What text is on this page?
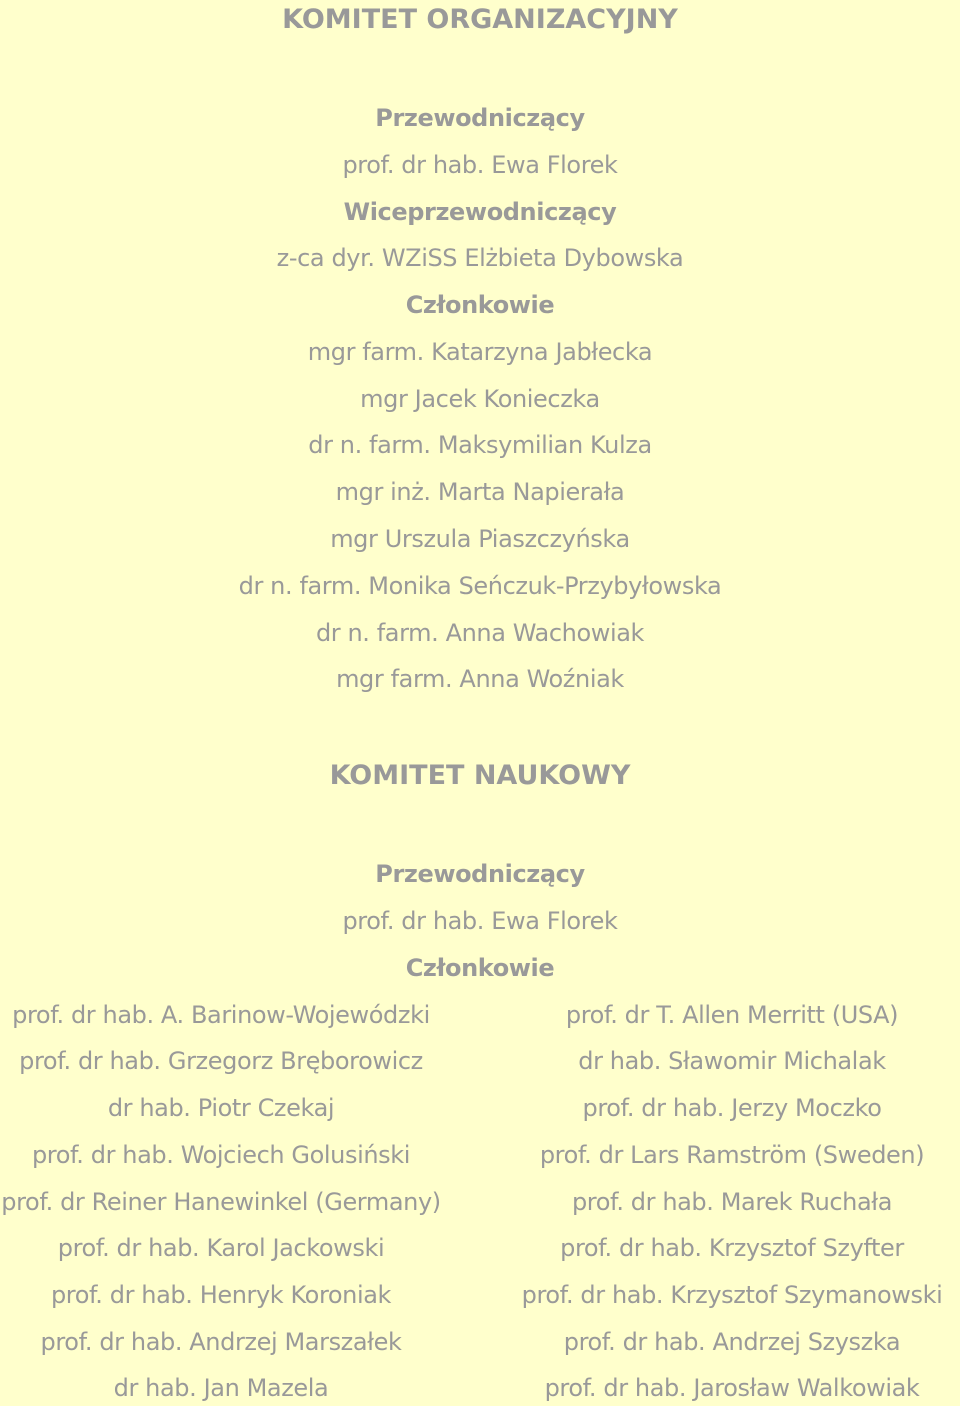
KOMITET ORGANIZACYJNY
Przewodniczący
prof. dr hab. Ewa Florek
Wiceprzewodniczący
z-ca dyr. WZiSS Elżbieta Dybowska
Członkowie
mgr farm. Katarzyna Jabłecka
mgr Jacek Konieczka
dr n. farm. Maksymilian Kulza
mgr inż. Marta Napierała
mgr Urszula Piaszczyńska
dr n. farm. Monika Seńczuk-Przybyłowska
dr n. farm. Anna Wachowiak
mgr farm. Anna Woźniak
KOMITET NAUKOWY
Przewodniczący
prof. dr hab. Ewa Florek
Członkowie
prof. dr hab. A. Barinow-Wojewódzki
prof. dr hab. Grzegorz Bręborowicz
dr hab. Piotr Czekaj
prof. dr hab. Wojciech Golusiński
prof. dr Reiner Hanewinkel (Germany)
prof. dr hab. Karol Jackowski
prof. dr hab. Henryk Koroniak
prof. dr hab. Andrzej Marszałek
dr hab. Jan Mazela
prof. dr T. Allen Merritt (USA)
dr hab. Sławomir Michalak
prof. dr hab. Jerzy Moczko
prof. dr Lars Ramström (Sweden)
prof. dr hab. Marek Ruchała
prof. dr hab. Krzysztof Szyfter
prof. dr hab. Krzysztof Szymanowski
prof. dr hab. Andrzej Szyszka
prof. dr hab. Jarosław Walkowiak
